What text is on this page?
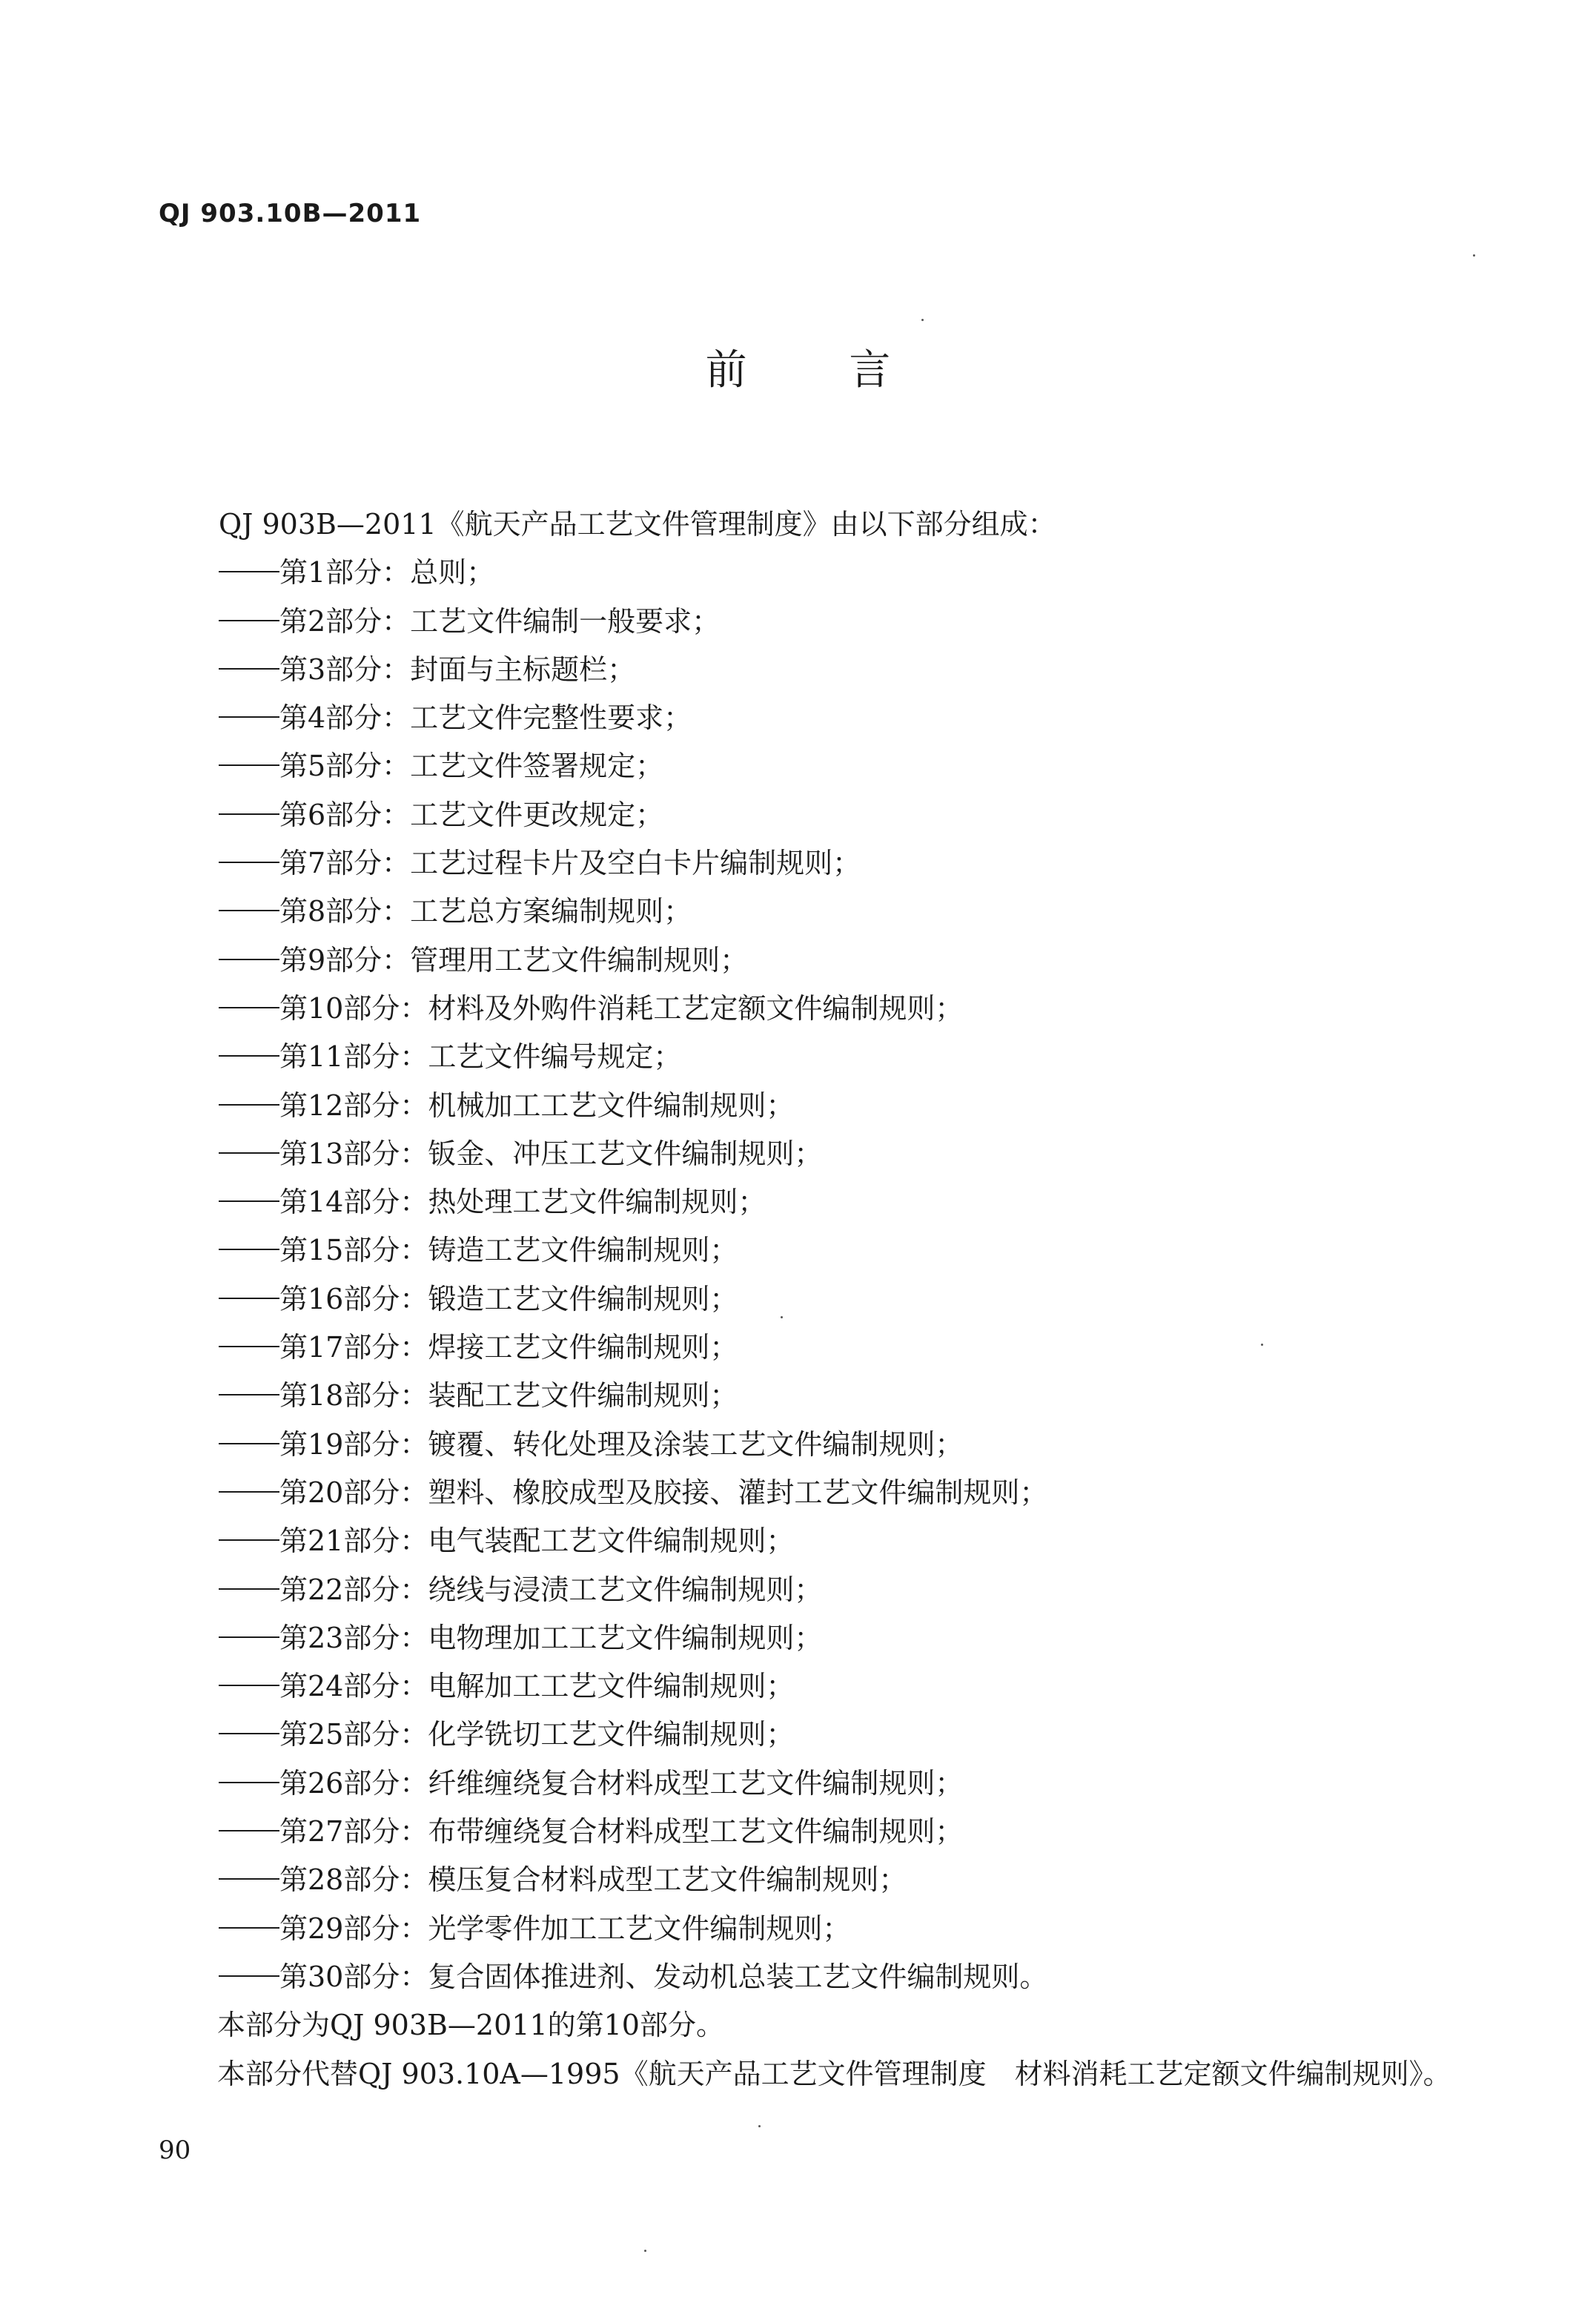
QJ 903.10B—2011
前 言

QJ 903B—2011《航天产品工艺文件管理制度》由以下部分组成：

第1部分：总则；
第2部分：工艺文件编制一般要求；
第3部分：封面与主标题栏；
第4部分：工艺文件完整性要求；
第5部分：工艺文件签署规定；
第6部分：工艺文件更改规定；
第7部分：工艺过程卡片及空白卡片编制规则；
第8部分：工艺总方案编制规则；
第9部分：管理用工艺文件编制规则；
第10部分：材料及外购件消耗工艺定额文件编制规则；
第11部分：工艺文件编号规定；
第12部分：机械加工工艺文件编制规则；
第13部分：钣金、冲压工艺文件编制规则；
第14部分：热处理工艺文件编制规则；
第15部分：铸造工艺文件编制规则；
第16部分：锻造工艺文件编制规则；
第17部分：焊接工艺文件编制规则；
第18部分：装配工艺文件编制规则；
第19部分：镀覆、转化处理及涂装工艺文件编制规则；
第20部分：塑料、橡胶成型及胶接、灌封工艺文件编制规则；
第21部分：电气装配工艺文件编制规则；
第22部分：绕线与浸渍工艺文件编制规则；
第23部分：电物理加工工艺文件编制规则；
第24部分：电解加工工艺文件编制规则；
第25部分：化学铣切工艺文件编制规则；
第26部分：纤维缠绕复合材料成型工艺文件编制规则；
第27部分：布带缠绕复合材料成型工艺文件编制规则；
第28部分：模压复合材料成型工艺文件编制规则；
第29部分：光学零件加工工艺文件编制规则；
第30部分：复合固体推进剂、发动机总装工艺文件编制规则。

本部分为QJ 903B—2011的第10部分。

本部分代替QJ 903.10A—1995《航天产品工艺文件管理制度　材料消耗工艺定额文件编制规则》。

90
